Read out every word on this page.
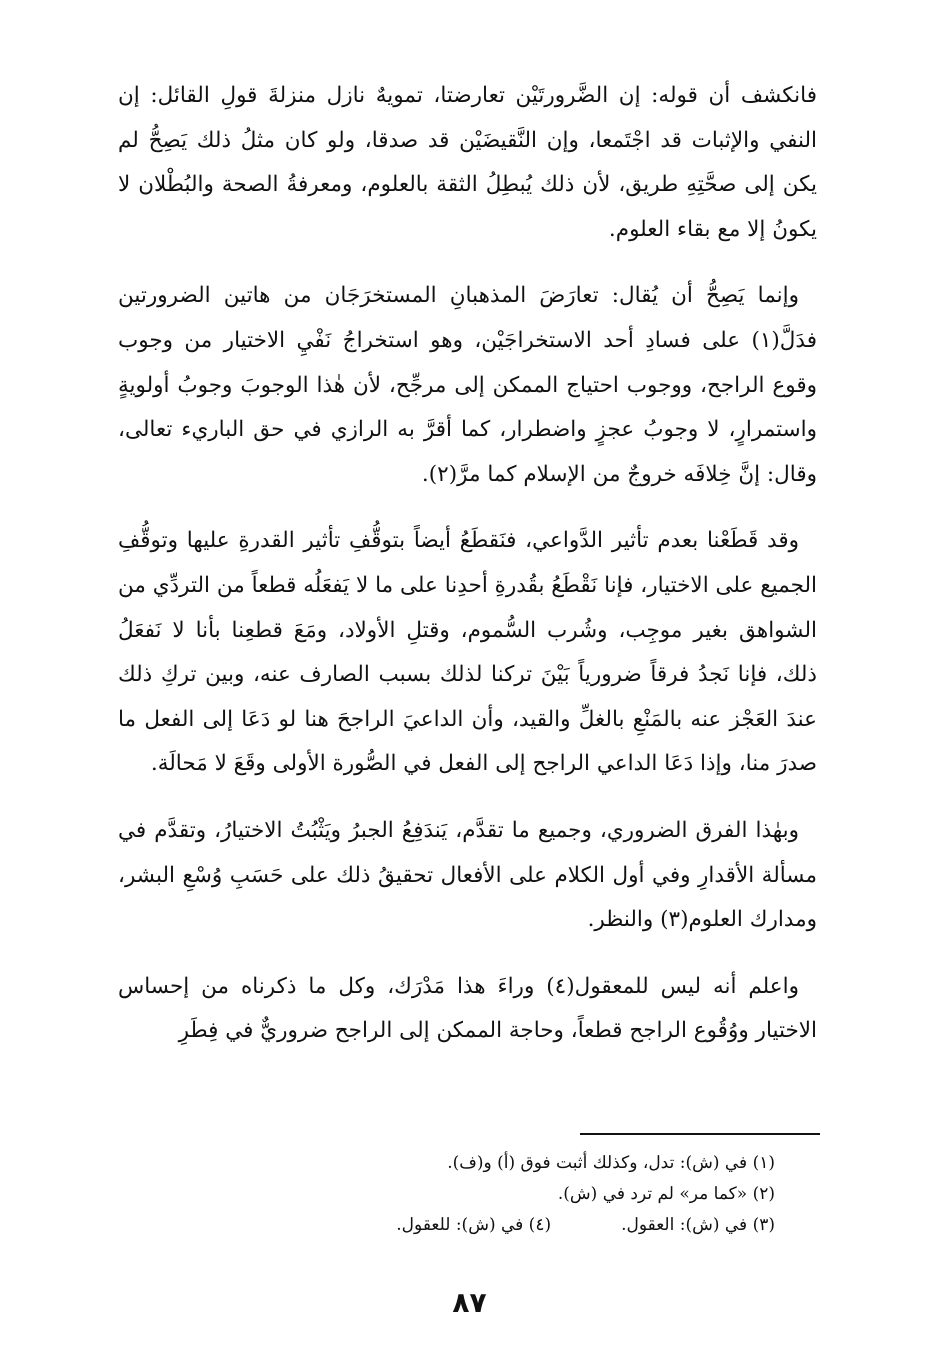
فانكشف أن قوله: إن الضَّرورتَيْن تعارضتا، تمويهٌ نازل منزلةَ قولِ القائل: إن النفي والإثبات قد اجْتَمعا، وإن النَّقيضَيْن قد صدقا، ولو كان مثلُ ذلك يَصِحُّ لم يكن إلى صحَّتِهِ طريق، لأن ذلك يُبطِلُ الثقة بالعلوم، ومعرفةُ الصحة والبُطْلان لا يكونُ إلا مع بقاء العلوم.

وإنما يَصِحُّ أن يُقال: تعارَضَ المذهبانِ المستخرَجَان من هاتين الضرورتين فدَلَّ(١) على فسادِ أحد الاستخراجَيْن، وهو استخراجُ نَفْيِ الاختيار من وجوب وقوع الراجح، ووجوب احتياج الممكن إلى مرجِّح، لأن هٰذا الوجوبَ وجوبُ أولويةٍ واستمرارٍ، لا وجوبُ عجزٍ واضطرار، كما أقرَّ به الرازي في حق الباريء تعالى، وقال: إنَّ خِلافَه خروجٌ من الإسلام كما مرَّ(٢).

وقد قَطَعْنا بعدم تأثير الدَّواعي، فنَقطَعُ أيضاً بتوقُّفِ تأثير القدرةِ عليها وتوقُّفِ الجميع على الاختيار، فإنا نَقْطَعُ بقُدرةِ أحدِنا على ما لا يَفعَلُه قطعاً من التردِّي من الشواهق بغير موجِب، وشُرب السُّموم، وقتلِ الأولاد، ومَعَ قطعِنا بأنا لا نَفعَلُ ذلك، فإنا نَجدُ فرقاً ضرورياً بَيْنَ تركنا لذلك بسبب الصارف عنه، وبين تركِ ذلك عندَ العَجْز عنه بالمَنْعِ بالغلِّ والقيد، وأن الداعيَ الراجحَ هنا لو دَعَا إلى الفعل ما صدرَ منا، وإذا دَعَا الداعي الراجح إلى الفعل في الصُّورة الأولى وقَعَ لا مَحالَة.

وبهٰذا الفرق الضروري، وجميع ما تقدَّم، يَندَفِعُ الجبرُ ويَثْبُتُ الاختيارُ، وتقدَّم في مسألة الأقدارِ وفي أول الكلام على الأفعال تحقيقُ ذلك على حَسَبِ وُسْعِ البشر، ومدارك العلوم(٣) والنظر.

واعلم أنه ليس للمعقول(٤) وراءَ هذا مَدْرَك، وكل ما ذكرناه من إحساس الاختيار ووُقُوع الراجح قطعاً، وحاجة الممكن إلى الراجح ضروريٌّ في فِطَرِ

(١) في (ش): تدل، وكذلك أثبت فوق (أ) و(ف).
(٢) «كما مر» لم ترد في (ش).
(٣) في (ش): العقول.
(٤) في (ش): للعقول.
٨٧
